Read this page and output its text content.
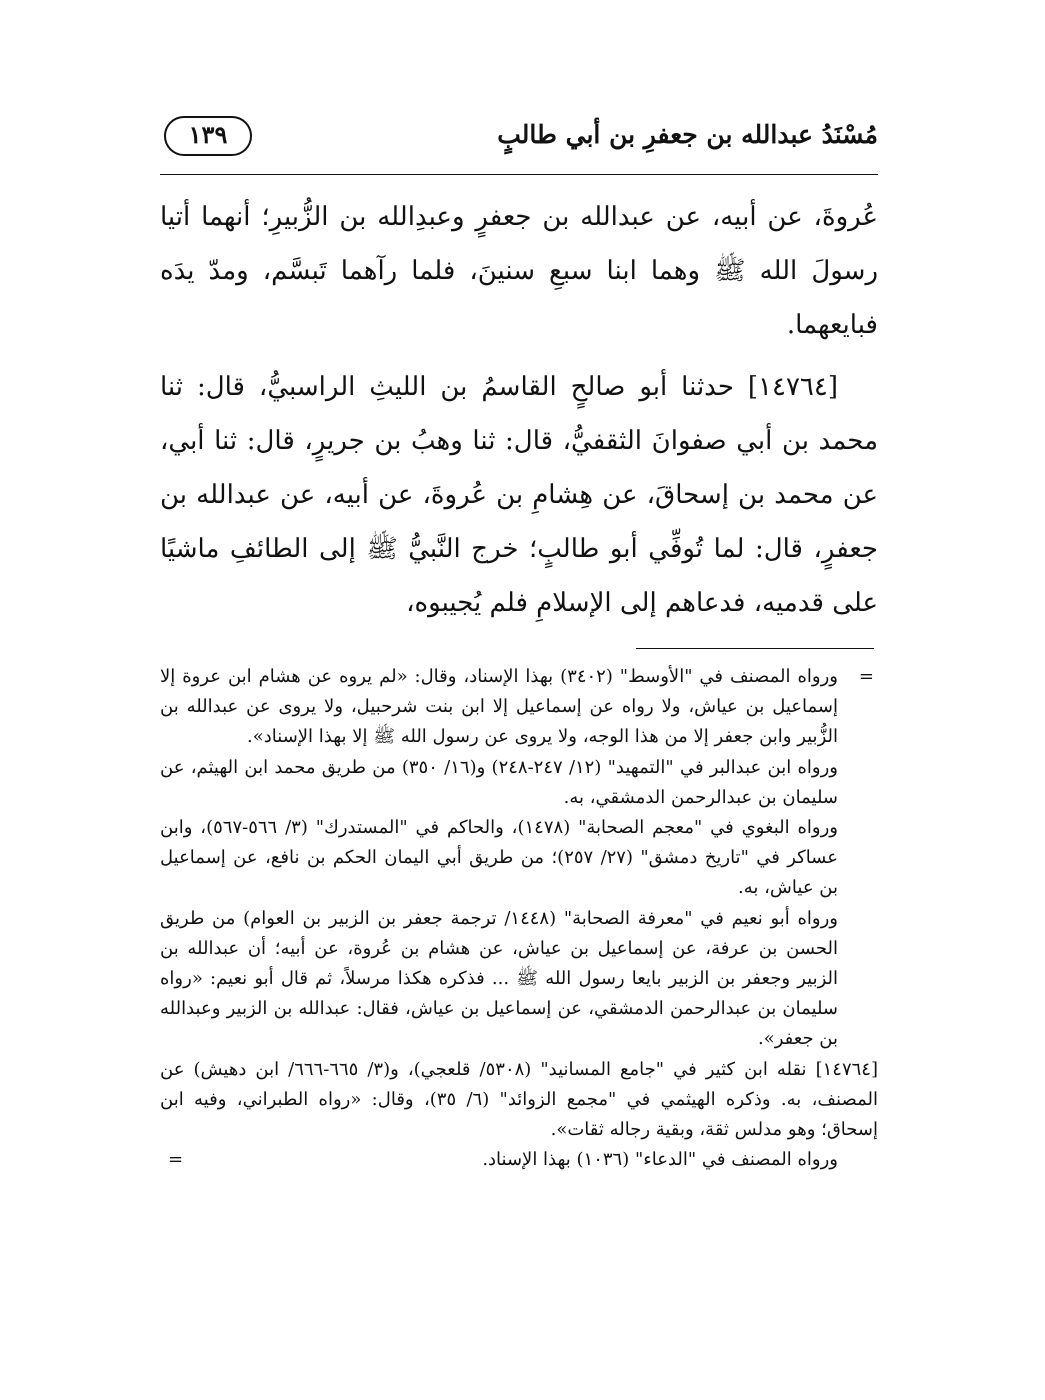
مُسْنَدُ عبدالله بن جعفرِ بن أبي طالبٍ
١٣٩

عُروةَ، عن أبيه، عن عبدالله بن جعفرٍ وعبدِالله بن الزُّبيرِ؛ أنهما أتيا رسولَ الله ﷺ وهما ابنا سبعِ سنينَ، فلما رآهما تَبسَّم، ومدّ يدَه فبايعهما.

[١٤٧٦٤] حدثنا أبو صالحٍ القاسمُ بن الليثِ الراسبيُّ، قال: ثنا محمد بن أبي صفوانَ الثقفيُّ، قال: ثنا وهبُ بن جريرٍ، قال: ثنا أبي، عن محمد بن إسحاقَ، عن هِشامِ بن عُروةَ، عن أبيه، عن عبدالله بن جعفرٍ، قال: لما تُوفِّي أبو طالبٍ؛ خرج النَّبيُّ ﷺ إلى الطائفِ ماشيًا على قدميه، فدعاهم إلى الإسلامِ فلم يُجيبوه،

=
ورواه المصنف في "الأوسط" (٣٤٠٢) بهذا الإسناد، وقال: «لم يروه عن هشام ابن عروة إلا إسماعيل بن عياش، ولا رواه عن إسماعيل إلا ابن بنت شرحبيل، ولا يروى عن عبدالله بن الزُّبير وابن جعفر إلا من هذا الوجه، ولا يروى عن رسول الله ﷺ إلا بهذا الإسناد».

ورواه ابن عبدالبر في "التمهيد" (١٢/ ٢٤٧-٢٤٨) و(١٦/ ٣٥٠) من طريق محمد ابن الهيثم، عن سليمان بن عبدالرحمن الدمشقي، به.

ورواه البغوي في "معجم الصحابة" (١٤٧٨)، والحاكم في "المستدرك" (٣/ ٥٦٦-٥٦٧)، وابن عساكر في "تاريخ دمشق" (٢٧/ ٢٥٧)؛ من طريق أبي اليمان الحكم بن نافع، عن إسماعيل بن عياش، به.

ورواه أبو نعيم في "معرفة الصحابة" (١٤٤٨/ ترجمة جعفر بن الزبير بن العوام) من طريق الحسن بن عرفة، عن إسماعيل بن عياش، عن هشام بن عُروة، عن أبيه؛ أن عبدالله بن الزبير وجعفر بن الزبير بايعا رسول الله ﷺ ... فذكره هكذا مرسلاً، ثم قال أبو نعيم: «رواه سليمان بن عبدالرحمن الدمشقي، عن إسماعيل بن عياش، فقال: عبدالله بن الزبير وعبدالله بن جعفر».

[١٤٧٦٤] نقله ابن كثير في "جامع المسانيد" (٥٣٠٨/ قلعجي)، و(٣/ ٦٦٥-٦٦٦/ ابن دهيش) عن المصنف، به. وذكره الهيثمي في "مجمع الزوائد" (٦/ ٣٥)، وقال: «رواه الطبراني، وفيه ابن إسحاق؛ وهو مدلس ثقة، وبقية رجاله ثقات».

ورواه المصنف في "الدعاء" (١٠٣٦) بهذا الإسناد.
=
